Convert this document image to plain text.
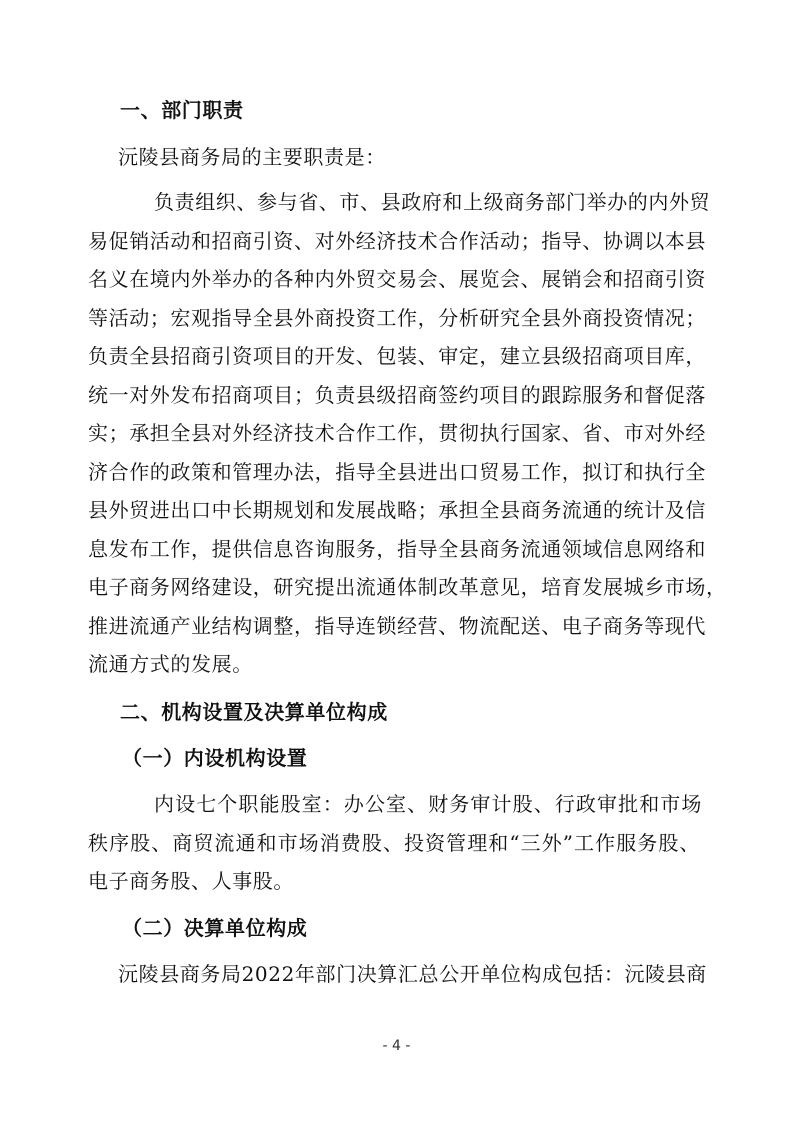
一、部门职责
沅陵县商务局的主要职责是：
负责组织、参与省、市、县政府和上级商务部门举办的内外贸
易促销活动和招商引资、对外经济技术合作活动；指导、协调以本县
名义在境内外举办的各种内外贸交易会、展览会、展销会和招商引资
等活动；宏观指导全县外商投资工作，分析研究全县外商投资情况；
负责全县招商引资项目的开发、包装、审定，建立县级招商项目库，
统一对外发布招商项目；负责县级招商签约项目的跟踪服务和督促落
实；承担全县对外经济技术合作工作，贯彻执行国家、省、市对外经
济合作的政策和管理办法，指导全县进出口贸易工作，拟订和执行全
县外贸进出口中长期规划和发展战略；承担全县商务流通的统计及信
息发布工作，提供信息咨询服务，指导全县商务流通领域信息网络和
电子商务网络建设，研究提出流通体制改革意见，培育发展城乡市场，
推进流通产业结构调整，指导连锁经营、物流配送、电子商务等现代
流通方式的发展。
二、机构设置及决算单位构成
（一）内设机构设置
内设七个职能股室：办公室、财务审计股、行政审批和市场
秩序股、商贸流通和市场消费股、投资管理和“三外”工作服务股、
电子商务股、人事股。
（二）决算单位构成
沅陵县商务局2022年部门决算汇总公开单位构成包括：沅陵县商
- 4 -
